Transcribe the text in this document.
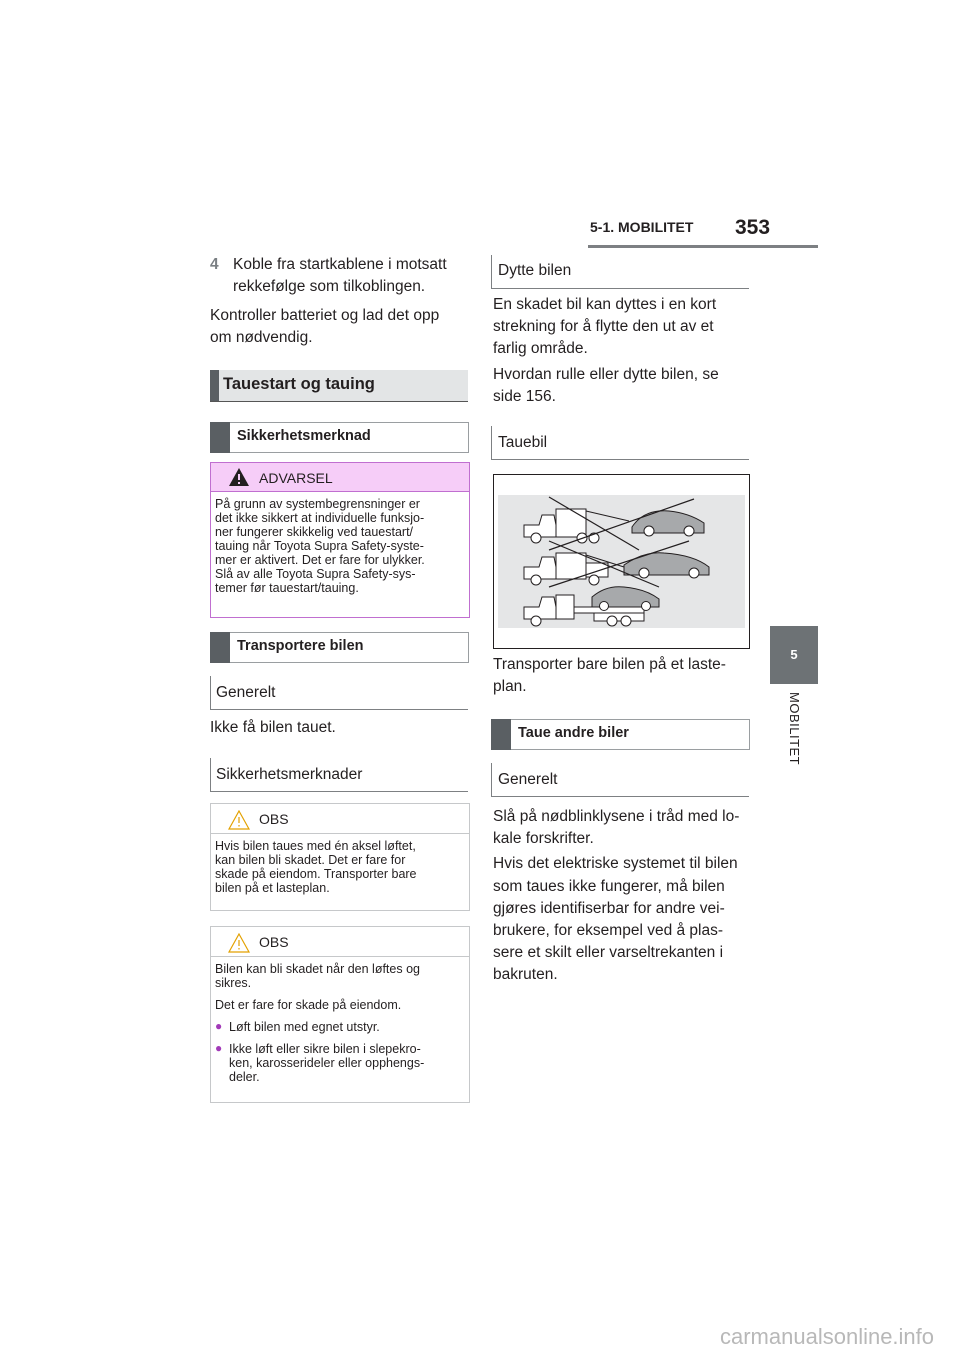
5-1. MOBILITET 353
5
MOBILITET
4 Koble fra startkablene i motsatt
rekkefølge som tilkoblingen.
Kontroller batteriet og lad det opp
om nødvendig.
Tauestart og tauing
Sikkerhetsmerknad
ADVARSEL
På grunn av systembegrensninger er
det ikke sikkert at individuelle funksjo-
ner fungerer skikkelig ved tauestart/
tauing når Toyota Supra Safety-syste-
mer er aktivert. Det er fare for ulykker.
Slå av alle Toyota Supra Safety-sys-
temer før tauestart/tauing.
Transportere bilen
Generelt
Ikke få bilen tauet.
Sikkerhetsmerknader
OBS
Hvis bilen taues med én aksel løftet,
kan bilen bli skadet. Det er fare for
skade på eiendom. Transporter bare
bilen på et lasteplan.
OBS
Bilen kan bli skadet når den løftes og
sikres.
Det er fare for skade på eiendom.
● Løft bilen med egnet utstyr.
● Ikke løft eller sikre bilen i slepekro-
ken, karosserideler eller opphengs-
deler.
Dytte bilen
En skadet bil kan dyttes i en kort
strekning for å flytte den ut av et
farlig område.
Hvordan rulle eller dytte bilen, se
side 156.
Tauebil
Transporter bare bilen på et laste-
plan.
Taue andre biler
Generelt
Slå på nødblinklysene i tråd med lo-
kale forskrifter.
Hvis det elektriske systemet til bilen
som taues ikke fungerer, må bilen
gjøres identifiserbar for andre vei-
brukere, for eksempel ved å plas-
sere et skilt eller varseltrekanten i
bakruten.
carmanualsonline.info
